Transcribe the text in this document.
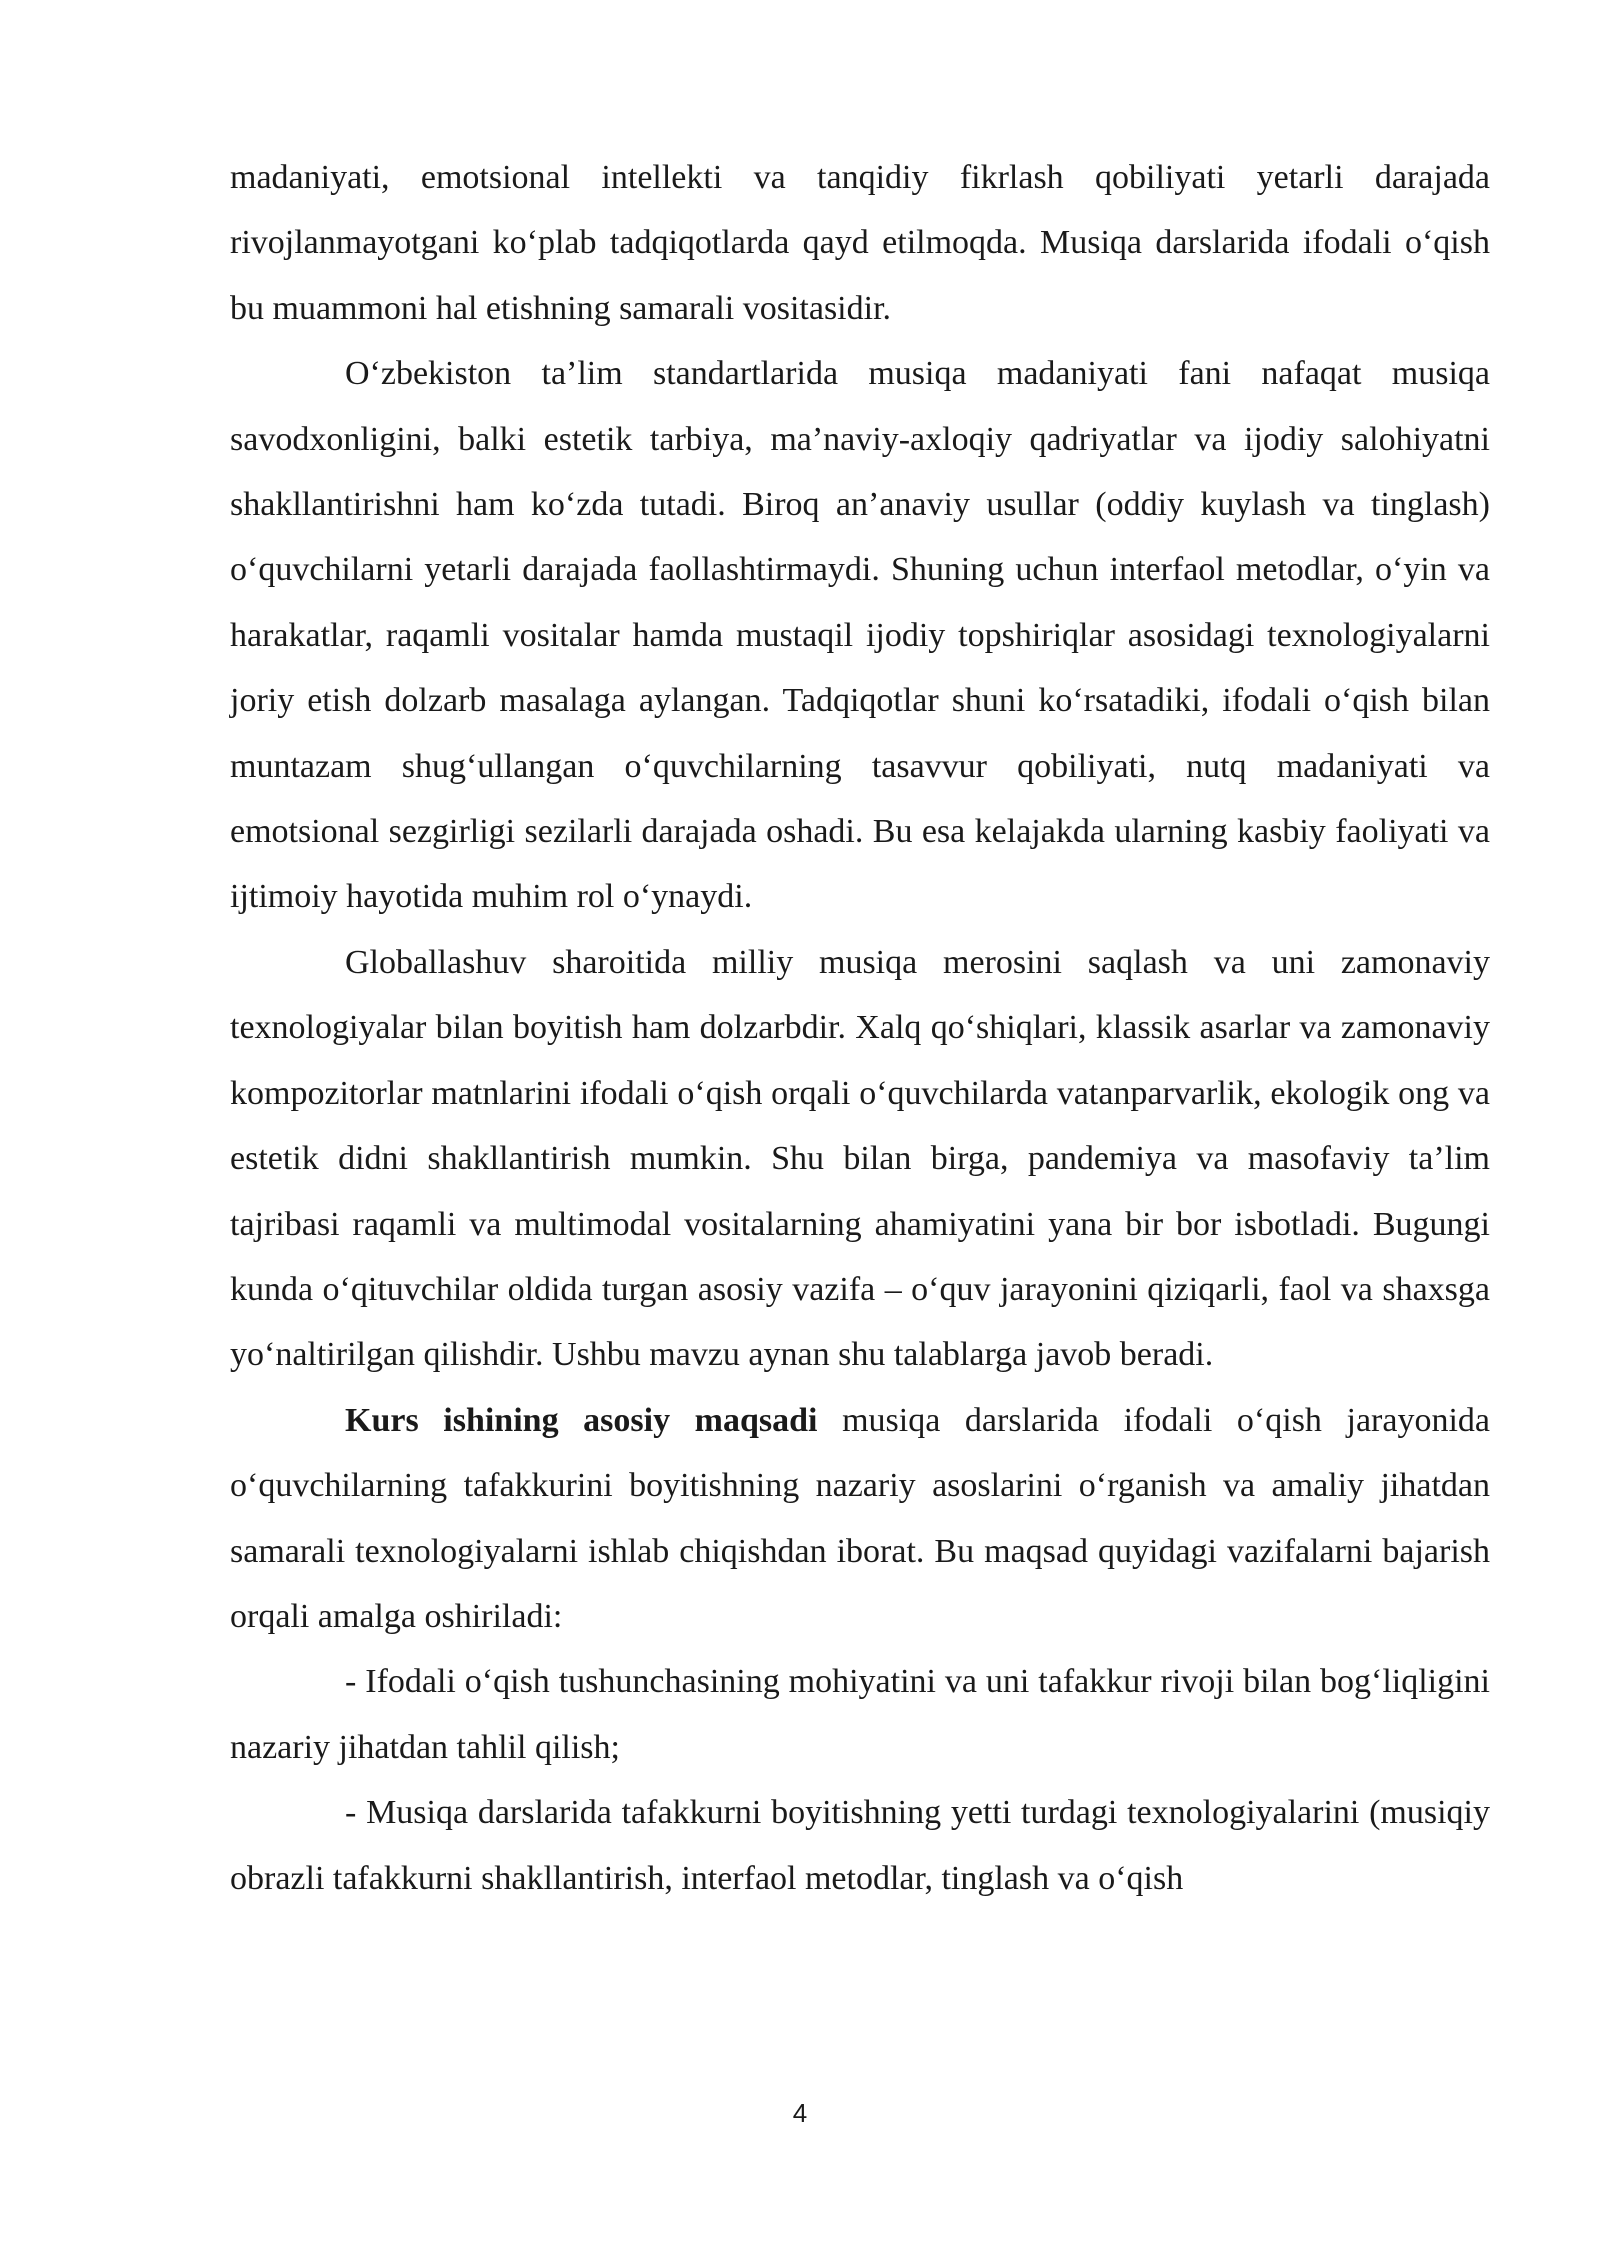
madaniyati, emotsional intellekti va tanqidiy fikrlash qobiliyati yetarli darajada rivojlanmayotgani ko‘plab tadqiqotlarda qayd etilmoqda. Musiqa darslarida ifodali o‘qish bu muammoni hal etishning samarali vositasidir.

O‘zbekiston ta’lim standartlarida musiqa madaniyati fani nafaqat musiqa savodxonligini, balki estetik tarbiya, ma’naviy-axloqiy qadriyatlar va ijodiy salohiyatni shakllantirishni ham ko‘zda tutadi. Biroq an’anaviy usullar (oddiy kuylash va tinglash) o‘quvchilarni yetarli darajada faollashtirmaydi. Shuning uchun interfaol metodlar, o‘yin va harakatlar, raqamli vositalar hamda mustaqil ijodiy topshiriqlar asosidagi texnologiyalarni joriy etish dolzarb masalaga aylangan. Tadqiqotlar shuni ko‘rsatadiki, ifodali o‘qish bilan muntazam shug‘ullangan o‘quvchilarning tasavvur qobiliyati, nutq madaniyati va emotsional sezgirligi sezilarli darajada oshadi. Bu esa kelajakda ularning kasbiy faoliyati va ijtimoiy hayotida muhim rol o‘ynaydi.

Globallashuv sharoitida milliy musiqa merosini saqlash va uni zamonaviy texnologiyalar bilan boyitish ham dolzarbdir. Xalq qo‘shiqlari, klassik asarlar va zamonaviy kompozitorlar matnlarini ifodali o‘qish orqali o‘quvchilarda vatanparvarlik, ekologik ong va estetik didni shakllantirish mumkin. Shu bilan birga, pandemiya va masofaviy ta’lim tajribasi raqamli va multimodal vositalarning ahamiyatini yana bir bor isbotladi. Bugungi kunda o‘qituvchilar oldida turgan asosiy vazifa – o‘quv jarayonini qiziqarli, faol va shaxsga yo‘naltirilgan qilishdir. Ushbu mavzu aynan shu talablarga javob beradi.

Kurs ishining asosiy maqsadi musiqa darslarida ifodali o‘qish jarayonida o‘quvchilarning tafakkurini boyitishning nazariy asoslarini o‘rganish va amaliy jihatdan samarali texnologiyalarni ishlab chiqishdan iborat. Bu maqsad quyidagi vazifalarni bajarish orqali amalga oshiriladi:

- Ifodali o‘qish tushunchasining mohiyatini va uni tafakkur rivoji bilan bog‘liqligini nazariy jihatdan tahlil qilish;

- Musiqa darslarida tafakkurni boyitishning yetti turdagi texnologiyalarini (musiqiy obrazli tafakkurni shakllantirish, interfaol metodlar, tinglash va o‘qish

4
